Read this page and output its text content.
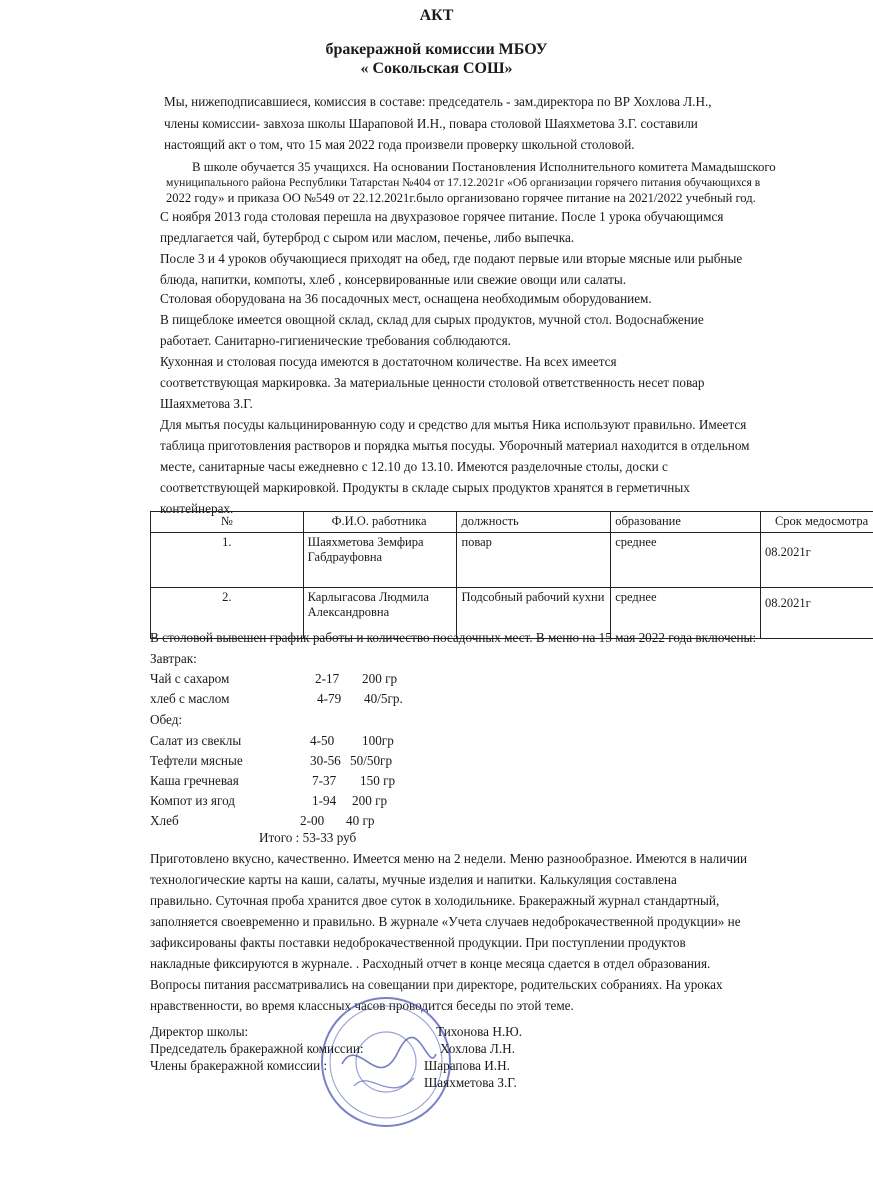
АКТ
бракеражной комиссии МБОУ
« Сокольская СОШ»
Мы, нижеподписавшиеся, комиссия в составе: председатель - зам.директора по ВР Хохлова Л.Н.,
члены комиссии- завхоза школы Шараповой И.Н., повара столовой Шаяхметова З.Г. составили
настоящий акт о том, что 15 мая 2022 года произвели проверку школьной столовой.
В школе обучается 35 учащихся. На основании Постановления Исполнительного комитета Мамадышского
муниципального района Республики Татарстан №404 от 17.12.2021г «Об организации горячего питания обучающихся в
2022 году» и приказа ОО №549 от 22.12.2021г.было организовано горячее питание на 2021/2022 учебный год.
С ноября 2013 года столовая перешла на двухразовое горячее питание. После 1 урока обучающимся
предлагается чай, бутерброд с сыром или маслом, печенье, либо выпечка.
После 3 и 4 уроков обучающиеся приходят на обед, где подают первые или вторые мясные или рыбные
блюда, напитки, компоты, хлеб , консервированные или свежие овощи или салаты.
Столовая оборудована на 36 посадочных мест, оснащена необходимым оборудованием.
В пищеблоке имеется овощной склад, склад для сырых продуктов, мучной стол. Водоснабжение
работает. Санитарно-гигиенические требования соблюдаются.
Кухонная и столовая посуда имеются в достаточном количестве. На всех имеется
соответствующая маркировка. За материальные ценности столовой ответственность несет повар
Шаяхметова З.Г.
Для мытья посуды кальцинированную соду и средство для мытья Ника используют правильно. Имеется
таблица приготовления растворов и порядка мытья посуды. Уборочный материал находится в отдельном
месте, санитарные часы ежедневно с 12.10 до 13.10. Имеются разделочные столы, доски с
соответствующей маркировкой. Продукты в складе сырых продуктов хранятся в герметичных
контейнерах.
№	Ф.И.О. работника	должность	образование	Срок медосмотра
1.	Шаяхметова Земфира Габдрауфовна	повар	среднее	08.2021г
2.	Карлыгасова Людмила Александровна	Подсобный рабочий кухни	среднее	08.2021г
В столовой вывешен график работы и количество посадочных мест. В меню на 15 мая 2022 года включены:
Завтрак:
Чай с сахаром	2-17 200 гр
хлеб с маслом	4-79 40/5гр.
Обед:
Салат из свеклы	4-50 100гр
Тефтели мясные	30-56 50/50гр
Каша гречневая	7-37 150 гр
Компот из ягод	1-94 200 гр
Хлеб	2-00 40 гр
Итого : 53-33 руб
Приготовлено вкусно, качественно. Имеется меню на 2 недели. Меню разнообразное. Имеются в наличии
технологические карты на каши, салаты, мучные изделия и напитки. Калькуляция составлена
правильно. Суточная проба хранится двое суток в холодильнике. Бракеражный журнал стандартный,
заполняется своевременно и правильно. В журнале «Учета случаев недоброкачественной продукции» не
зафиксированы факты поставки недоброкачественной продукции. При поступлении продуктов
накладные фиксируются в журнале. . Расходный отчет в конце месяца сдается в отдел образования.
Вопросы питания рассматривались на совещании при директоре, родительских собраниях. На уроках
нравственности, во время классных часов проводится беседы по этой теме.
Директор школы:	Тихонова Н.Ю.
Председатель бракеражной комиссии:	Хохлова Л.Н.
Члены бракеражной комиссии :	Шарапова И.Н.
Шаяхметова З.Г.
